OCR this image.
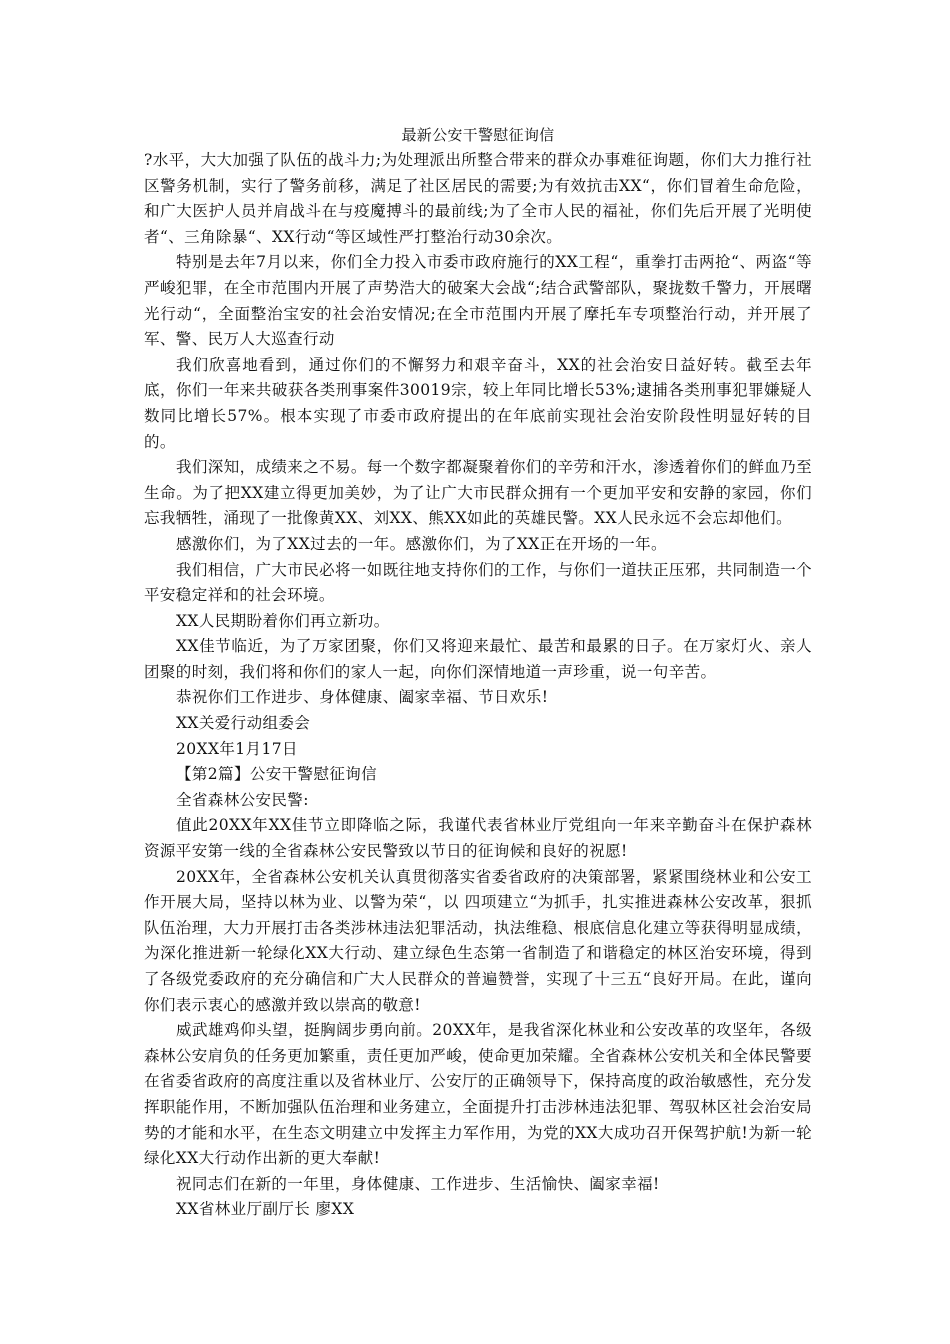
最新公安干警慰征询信

?水平，大大加强了队伍的战斗力;为处理派出所整合带来的群众办事难征询题，你们大力推行社区警务机制，实行了警务前移，满足了社区居民的需要;为有效抗击XX“，你们冒着生命危险，和广大医护人员并肩战斗在与疫魔搏斗的最前线;为了全市人民的福祉，你们先后开展了光明使者“、三角除暴“、XX行动“等区域性严打整治行动30余次。

特别是去年7月以来，你们全力投入市委市政府施行的XX工程“，重拳打击两抢“、两盗“等严峻犯罪，在全市范围内开展了声势浩大的破案大会战“;结合武警部队，聚拢数千警力，开展曙光行动“，全面整治宝安的社会治安情况;在全市范围内开展了摩托车专项整治行动，并开展了军、警、民万人大巡查行动

我们欣喜地看到，通过你们的不懈努力和艰辛奋斗，XX的社会治安日益好转。截至去年底，你们一年来共破获各类刑事案件30019宗，较上年同比增长53%;逮捕各类刑事犯罪嫌疑人数同比增长57%。根本实现了市委市政府提出的在年底前实现社会治安阶段性明显好转的目的。

我们深知，成绩来之不易。每一个数字都凝聚着你们的辛劳和汗水，渗透着你们的鲜血乃至生命。为了把XX建立得更加美妙，为了让广大市民群众拥有一个更加平安和安静的家园，你们忘我牺牲，涌现了一批像黄XX、刘XX、熊XX如此的英雄民警。XX人民永远不会忘却他们。

感激你们，为了XX过去的一年。感激你们，为了XX正在开场的一年。

我们相信，广大市民必将一如既往地支持你们的工作，与你们一道扶正压邪，共同制造一个平安稳定祥和的社会环境。

XX人民期盼着你们再立新功。

XX佳节临近，为了万家团聚，你们又将迎来最忙、最苦和最累的日子。在万家灯火、亲人团聚的时刻，我们将和你们的家人一起，向你们深情地道一声珍重，说一句辛苦。

恭祝你们工作进步、身体健康、阖家幸福、节日欢乐!

XX关爱行动组委会

20XX年1月17日

【第2篇】公安干警慰征询信

全省森林公安民警:

值此20XX年XX佳节立即降临之际，我谨代表省林业厅党组向一年来辛勤奋斗在保护森林资源平安第一线的全省森林公安民警致以节日的征询候和良好的祝愿!

20XX年，全省森林公安机关认真贯彻落实省委省政府的决策部署，紧紧围绕林业和公安工作开展大局，坚持以林为业、以警为荣“，以 四项建立“为抓手，扎实推进森林公安改革，狠抓队伍治理，大力开展打击各类涉林违法犯罪活动，执法维稳、根底信息化建立等获得明显成绩，为深化推进新一轮绿化XX大行动、建立绿色生态第一省制造了和谐稳定的林区治安环境，得到了各级党委政府的充分确信和广大人民群众的普遍赞誉，实现了十三五“良好开局。在此，谨向你们表示衷心的感激并致以崇高的敬意!

威武雄鸡仰头望，挺胸阔步勇向前。20XX年，是我省深化林业和公安改革的攻坚年，各级森林公安肩负的任务更加繁重，责任更加严峻，使命更加荣耀。全省森林公安机关和全体民警要在省委省政府的高度注重以及省林业厅、公安厅的正确领导下，保持高度的政治敏感性，充分发挥职能作用，不断加强队伍治理和业务建立，全面提升打击涉林违法犯罪、驾驭林区社会治安局势的才能和水平，在生态文明建立中发挥主力军作用，为党的XX大成功召开保驾护航!为新一轮绿化XX大行动作出新的更大奉献!

祝同志们在新的一年里，身体健康、工作进步、生活愉快、阖家幸福!

XX省林业厅副厅长 廖XX
